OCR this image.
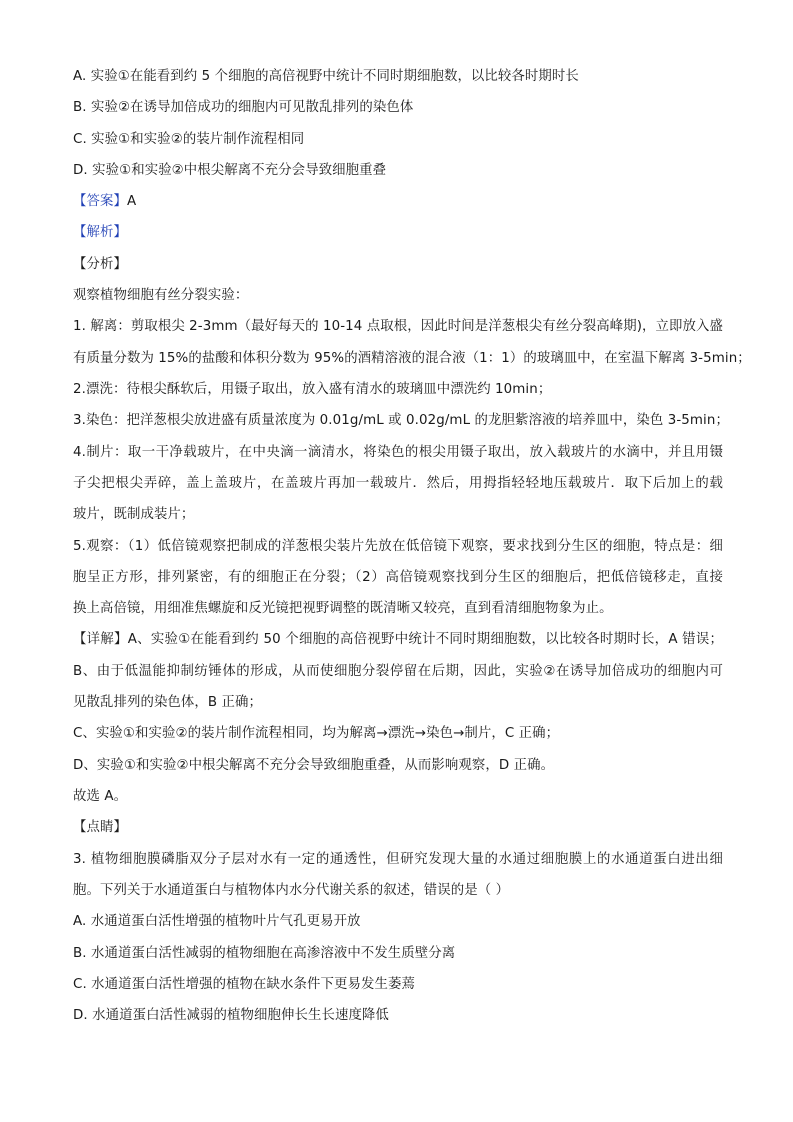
A. 实验①在能看到约 5 个细胞的高倍视野中统计不同时期细胞数，以比较各时期时长
B. 实验②在诱导加倍成功的细胞内可见散乱排列的染色体
C. 实验①和实验②的装片制作流程相同
D. 实验①和实验②中根尖解离不充分会导致细胞重叠
【答案】A
【解析】
【分析】
观察植物细胞有丝分裂实验：
1. 解离：剪取根尖 2-3mm（最好每天的 10-14 点取根，因此时间是洋葱根尖有丝分裂高峰期)，立即放入盛
有质量分数为 15%的盐酸和体积分数为 95%的酒精溶液的混合液（1：1）的玻璃皿中，在室温下解离 3-5min；
2.漂洗：待根尖酥软后，用镊子取出，放入盛有清水的玻璃皿中漂洗约 10min；
3.染色：把洋葱根尖放进盛有质量浓度为 0.01g/mL 或 0.02g/mL 的龙胆紫溶液的培养皿中，染色 3-5min；
4.制片：取一干净载玻片，在中央滴一滴清水，将染色的根尖用镊子取出，放入载玻片的水滴中，并且用镊
子尖把根尖弄碎，盖上盖玻片，在盖玻片再加一载玻片．然后，用拇指轻轻地压载玻片．取下后加上的载
玻片，既制成装片；
5.观察：（1）低倍镜观察把制成的洋葱根尖装片先放在低倍镜下观察，要求找到分生区的细胞，特点是：细
胞呈正方形，排列紧密，有的细胞正在分裂；（2）高倍镜观察找到分生区的细胞后，把低倍镜移走，直接
换上高倍镜，用细准焦螺旋和反光镜把视野调整的既清晰又较亮，直到看清细胞物象为止。
【详解】A、实验①在能看到约 50 个细胞的高倍视野中统计不同时期细胞数，以比较各时期时长，A 错误；
B、由于低温能抑制纺锤体的形成，从而使细胞分裂停留在后期，因此，实验②在诱导加倍成功的细胞内可
见散乱排列的染色体，B 正确；
C、实验①和实验②的装片制作流程相同，均为解离→漂洗→染色→制片，C 正确；
D、实验①和实验②中根尖解离不充分会导致细胞重叠，从而影响观察，D 正确。
故选 A。
【点睛】
3. 植物细胞膜磷脂双分子层对水有一定的通透性，但研究发现大量的水通过细胞膜上的水通道蛋白进出细
胞。下列关于水通道蛋白与植物体内水分代谢关系的叙述，错误的是（ ）
A. 水通道蛋白活性增强的植物叶片气孔更易开放
B. 水通道蛋白活性减弱的植物细胞在高渗溶液中不发生质壁分离
C. 水通道蛋白活性增强的植物在缺水条件下更易发生萎蔫
D. 水通道蛋白活性减弱的植物细胞伸长生长速度降低
